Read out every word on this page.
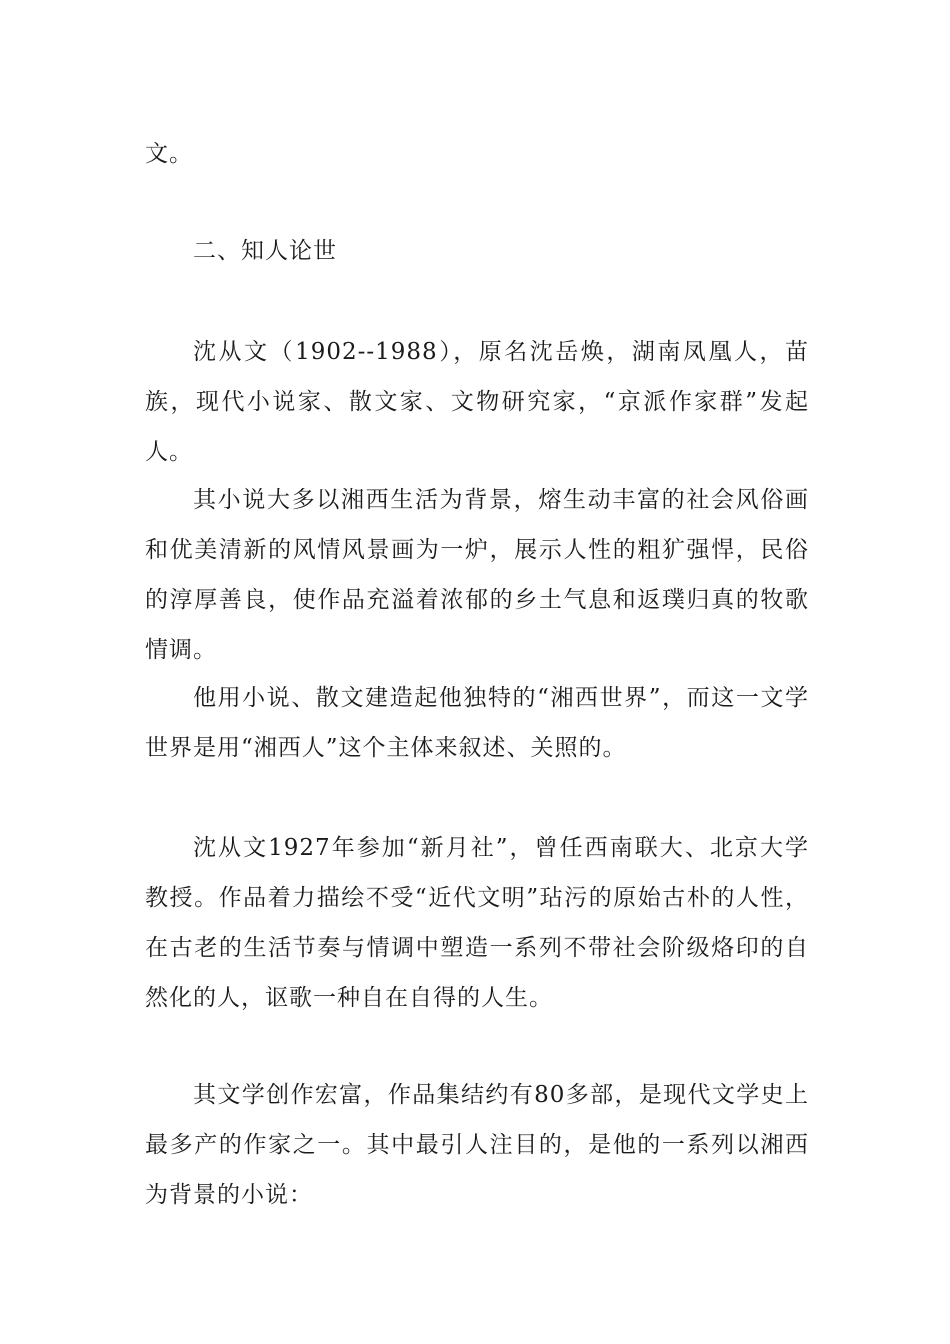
文。

二、知人论世

沈从文（1902--1988），原名沈岳焕，湖南凤凰人，苗族，现代小说家、散文家、文物研究家，“京派作家群”发起人。

其小说大多以湘西生活为背景，熔生动丰富的社会风俗画和优美清新的风情风景画为一炉，展示人性的粗犷强悍，民俗的淳厚善良，使作品充溢着浓郁的乡土气息和返璞归真的牧歌情调。

他用小说、散文建造起他独特的“湘西世界”，而这一文学世界是用“湘西人”这个主体来叙述、关照的。

沈从文1927年参加“新月社”，曾任西南联大、北京大学教授。作品着力描绘不受“近代文明”玷污的原始古朴的人性，在古老的生活节奏与情调中塑造一系列不带社会阶级烙印的自然化的人，讴歌一种自在自得的人生。

其文学创作宏富，作品集结约有80多部，是现代文学史上最多产的作家之一。其中最引人注目的，是他的一系列以湘西为背景的小说：
